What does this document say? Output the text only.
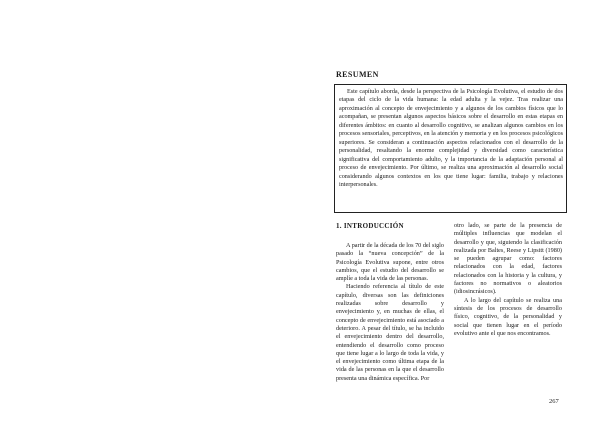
RESUMEN

Este capítulo aborda, desde la perspectiva de la Psicología Evolutiva, el estudio de dos etapas del ciclo de la vida humana: la edad adulta y la vejez. Tras realizar una aproximación al concepto de envejecimiento y a algunos de los cambios físicos que lo acompañan, se presentan algunos aspectos básicos sobre el desarrollo en estas etapas en diferentes ámbitos: en cuanto al desarrollo cognitivo, se analizan algunos cambios en los procesos sensoriales, perceptivos, en la atención y memoria y en los procesos psicológicos superiores. Se consideran a continuación aspectos relacionados con el desarrollo de la personalidad, resaltando la enorme complejidad y diversidad como característica significativa del comportamiento adulto, y la importancia de la adaptación personal al proceso de envejecimiento. Por último, se realiza una aproximación al desarrollo social considerando algunos contextos en los que tiene lugar: familia, trabajo y relaciones interpersonales.

1. INTRODUCCIÓN

A partir de la década de los 70 del siglo pasado la “nueva concepción” de la Psicología Evolutiva supone, entre otros cambios, que el estudio del desarrollo se amplíe a toda la vida de las personas.

Haciendo referencia al título de este capítulo, diversas son las definiciones realizadas sobre desarrollo y envejecimiento y, en muchas de ellas, el concepto de envejecimiento está asociado a deterioro. A pesar del título, se ha incluido el envejecimiento dentro del desarrollo, entendiendo el desarrollo como proceso que tiene lugar a lo largo de toda la vida, y el envejecimiento como última etapa de la vida de las personas en la que el desarrollo presenta una dinámica específica. Por

otro lado, se parte de la presencia de múltiples influencias que modelan el desarrollo y que, siguiendo la clasificación realizada por Baltes, Reese y Lipsitt (1980) se pueden agrupar como: factores relacionados con la edad, factores relacionados con la historia y la cultura, y factores no normativos o aleatorios (idiosincrásicos).

A lo largo del capítulo se realiza una síntesis de los procesos de desarrollo físico, cognitivo, de la personalidad y social que tienen lugar en el período evolutivo ante el que nos encontramos.

267
